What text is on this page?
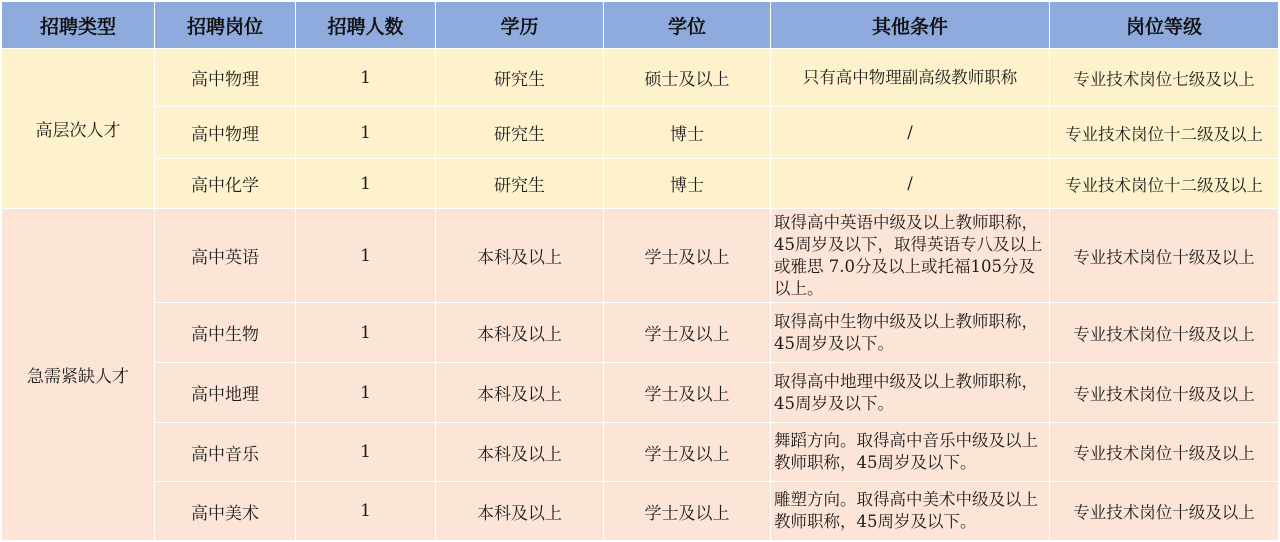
招聘类型	招聘岗位	招聘人数	学历	学位	其他条件	岗位等级
高层次人才	高中物理	1	研究生	硕士及以上	只有高中物理副高级教师职称	专业技术岗位七级及以上
	高中物理	1	研究生	博士	/	专业技术岗位十二级及以上
	高中化学	1	研究生	博士	/	专业技术岗位十二级及以上
急需紧缺人才	高中英语	1	本科及以上	学士及以上	取得高中英语中级及以上教师职称，45周岁及以下，取得英语专八及以上或雅思 7.0分及以上或托福105分及以上。	专业技术岗位十级及以上
	高中生物	1	本科及以上	学士及以上	取得高中生物中级及以上教师职称，45周岁及以下。	专业技术岗位十级及以上
	高中地理	1	本科及以上	学士及以上	取得高中地理中级及以上教师职称，45周岁及以下。	专业技术岗位十级及以上
	高中音乐	1	本科及以上	学士及以上	舞蹈方向。取得高中音乐中级及以上教师职称，45周岁及以下。	专业技术岗位十级及以上
	高中美术	1	本科及以上	学士及以上	雕塑方向。取得高中美术中级及以上教师职称，45周岁及以下。	专业技术岗位十级及以上
